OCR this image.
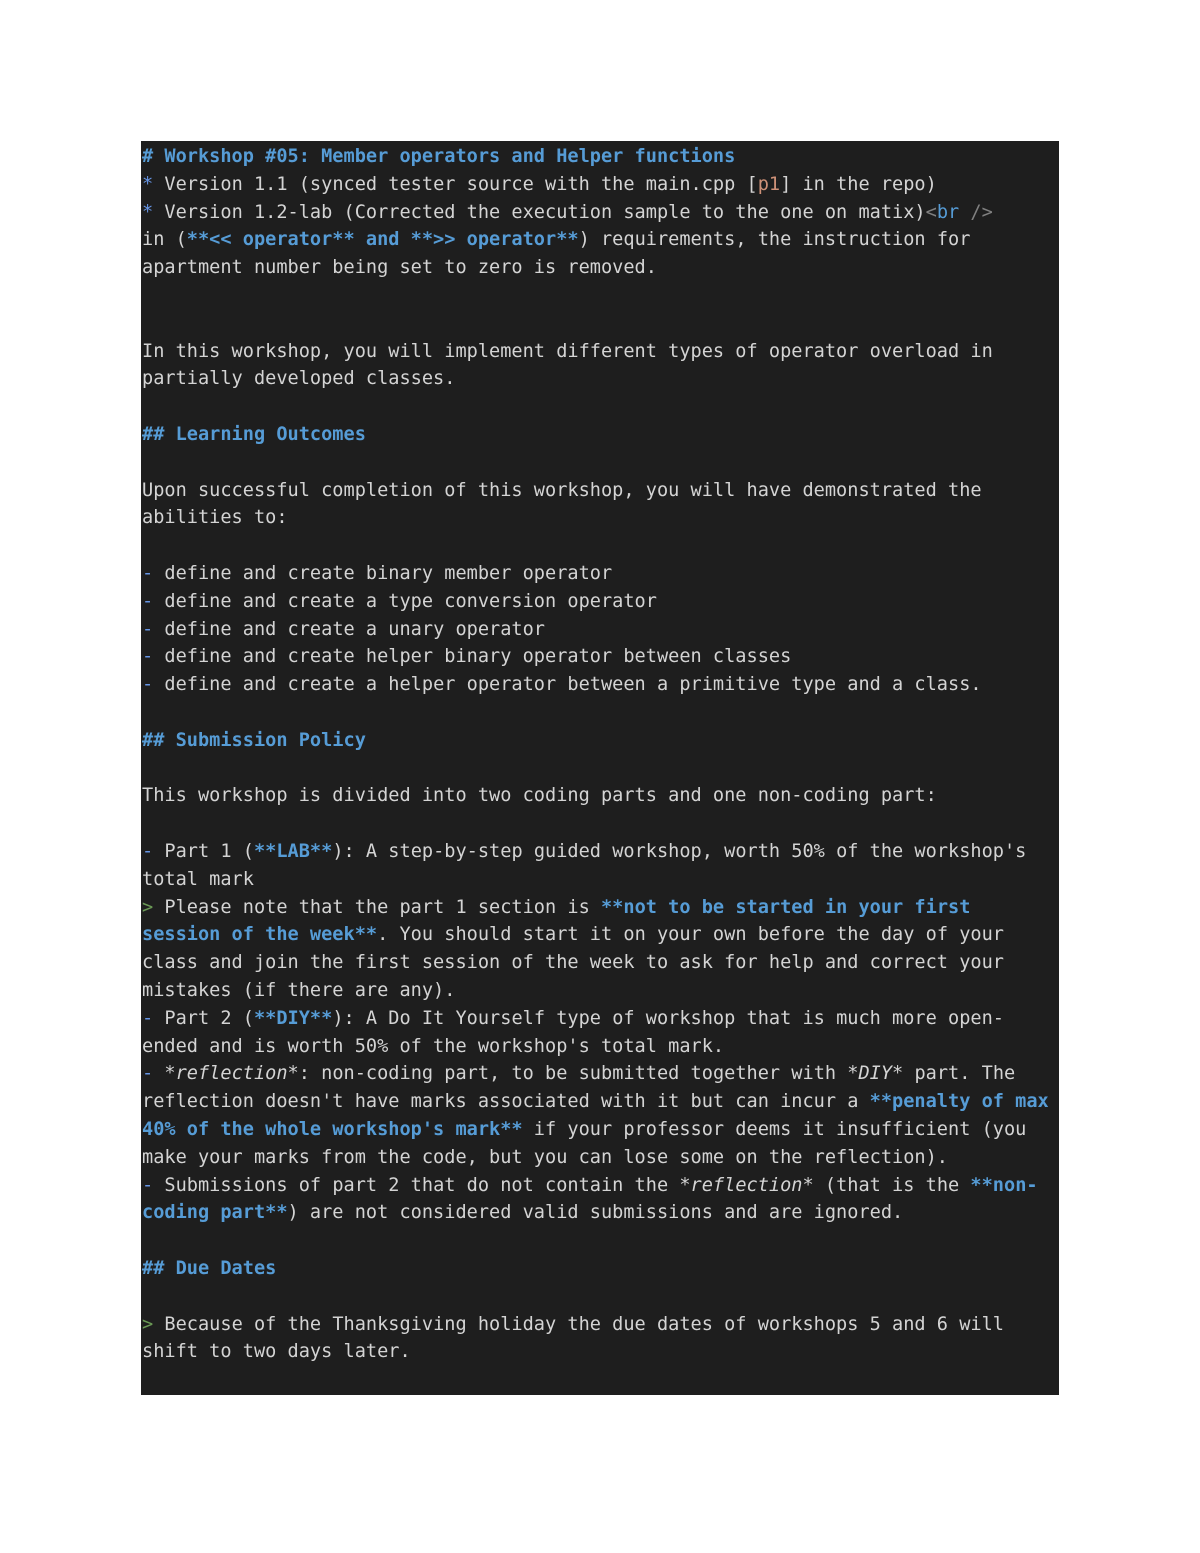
# Workshop #05: Member operators and Helper functions
* Version 1.1 (synced tester source with the main.cpp [p1] in the repo)
* Version 1.2-lab (Corrected the execution sample to the one on matix)<br />
in (**<< operator** and **>> operator**) requirements, the instruction for
apartment number being set to zero is removed.
In this workshop, you will implement different types of operator overload in
partially developed classes.
## Learning Outcomes
Upon successful completion of this workshop, you will have demonstrated the
abilities to:
- define and create binary member operator
- define and create a type conversion operator
- define and create a unary operator
- define and create helper binary operator between classes
- define and create a helper operator between a primitive type and a class.
## Submission Policy
This workshop is divided into two coding parts and one non-coding part:
- Part 1 (**LAB**): A step-by-step guided workshop, worth 50% of the workshop's
total mark
> Please note that the part 1 section is **not to be started in your first
session of the week**. You should start it on your own before the day of your
class and join the first session of the week to ask for help and correct your
mistakes (if there are any).
- Part 2 (**DIY**): A Do It Yourself type of workshop that is much more open-
ended and is worth 50% of the workshop's total mark.
- *reflection*: non-coding part, to be submitted together with *DIY* part. The
reflection doesn't have marks associated with it but can incur a **penalty of max
40% of the whole workshop's mark** if your professor deems it insufficient (you
make your marks from the code, but you can lose some on the reflection).
- Submissions of part 2 that do not contain the *reflection* (that is the **non-
coding part**) are not considered valid submissions and are ignored.
## Due Dates
> Because of the Thanksgiving holiday the due dates of workshops 5 and 6 will
shift to two days later.
